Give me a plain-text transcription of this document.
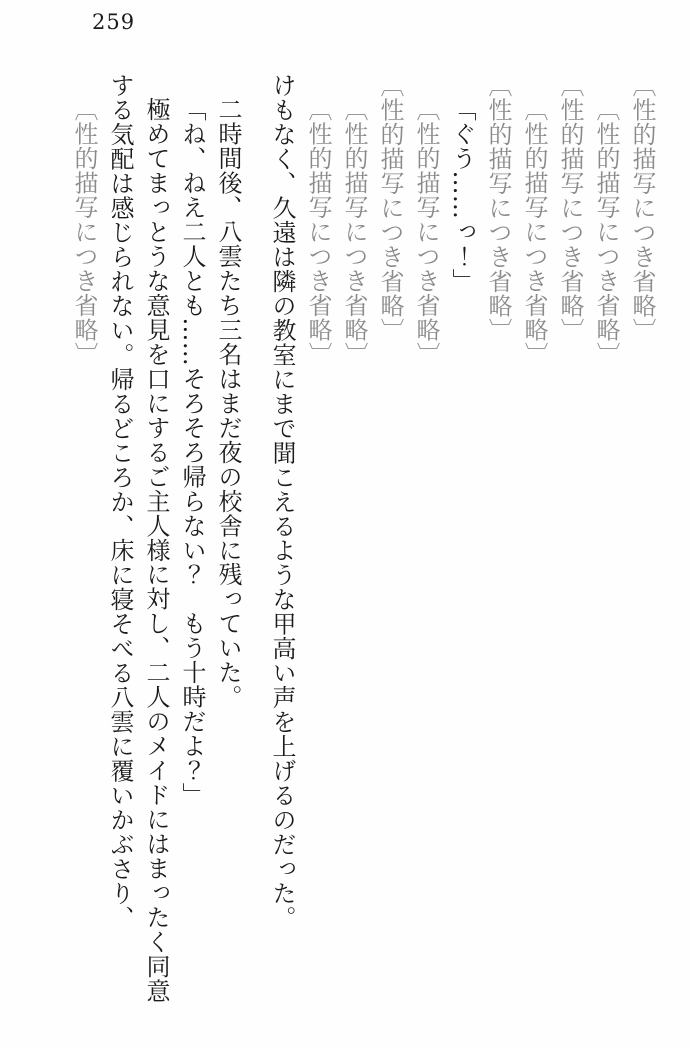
259

〔性的描写につき省略〕

〔性的描写につき省略〕

〔性的描写につき省略〕

〔性的描写につき省略〕

〔性的描写につき省略〕

「ぐう……っ！」

〔性的描写につき省略〕

〔性的描写につき省略〕

〔性的描写につき省略〕

〔性的描写につき省略〕

けもなく、久遠は隣の教室にまで聞こえるような甲高い声を上げるのだった。

二時間後、八雲たち三名はまだ夜の校舎に残っていた。

「ね、ねえ二人とも……そろそろ帰らない？　もう十時だよ？」

極めてまっとうな意見を口にするご主人様に対し、二人のメイドにはまったく同意

する気配は感じられない。帰るどころか、床に寝そべる八雲に覆いかぶさり、

〔性的描写につき省略〕
